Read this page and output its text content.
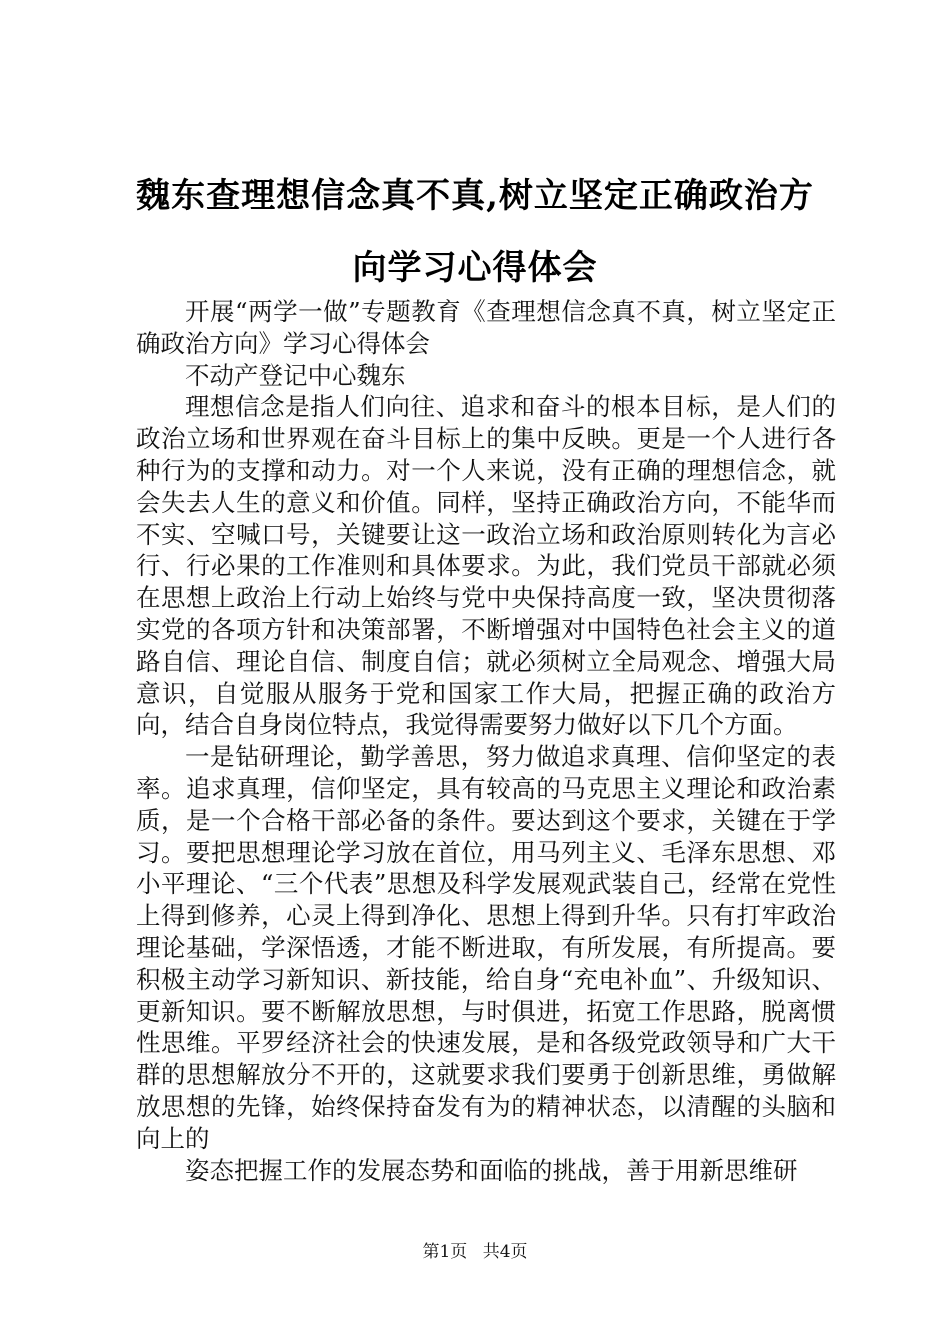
魏东查理想信念真不真,树立坚定正确政治方向学习心得体会

开展“两学一做”专题教育《查理想信念真不真，树立坚定正确政治方向》学习心得体会

不动产登记中心魏东

理想信念是指人们向往、追求和奋斗的根本目标，是人们的政治立场和世界观在奋斗目标上的集中反映。更是一个人进行各种行为的支撑和动力。对一个人来说，没有正确的理想信念，就会失去人生的意义和价值。同样，坚持正确政治方向，不能华而不实、空喊口号，关键要让这一政治立场和政治原则转化为言必行、行必果的工作准则和具体要求。为此，我们党员干部就必须在思想上政治上行动上始终与党中央保持高度一致，坚决贯彻落实党的各项方针和决策部署，不断增强对中国特色社会主义的道路自信、理论自信、制度自信；就必须树立全局观念、增强大局意识，自觉服从服务于党和国家工作大局，把握正确的政治方向，结合自身岗位特点，我觉得需要努力做好以下几个方面。

一是钻研理论，勤学善思，努力做追求真理、信仰坚定的表率。追求真理，信仰坚定，具有较高的马克思主义理论和政治素质，是一个合格干部必备的条件。要达到这个要求，关键在于学习。要把思想理论学习放在首位，用马列主义、毛泽东思想、邓小平理论、“三个代表”思想及科学发展观武装自己，经常在党性上得到修养，心灵上得到净化、思想上得到升华。只有打牢政治理论基础，学深悟透，才能不断进取，有所发展，有所提高。要积极主动学习新知识、新技能，给自身“充电补血”、升级知识、更新知识。要不断解放思想，与时俱进，拓宽工作思路，脱离惯性思维。平罗经济社会的快速发展，是和各级党政领导和广大干群的思想解放分不开的，这就要求我们要勇于创新思维，勇做解放思想的先锋，始终保持奋发有为的精神状态，以清醒的头脑和向上的

姿态把握工作的发展态势和面临的挑战，善于用新思维研

第1页 共4页
